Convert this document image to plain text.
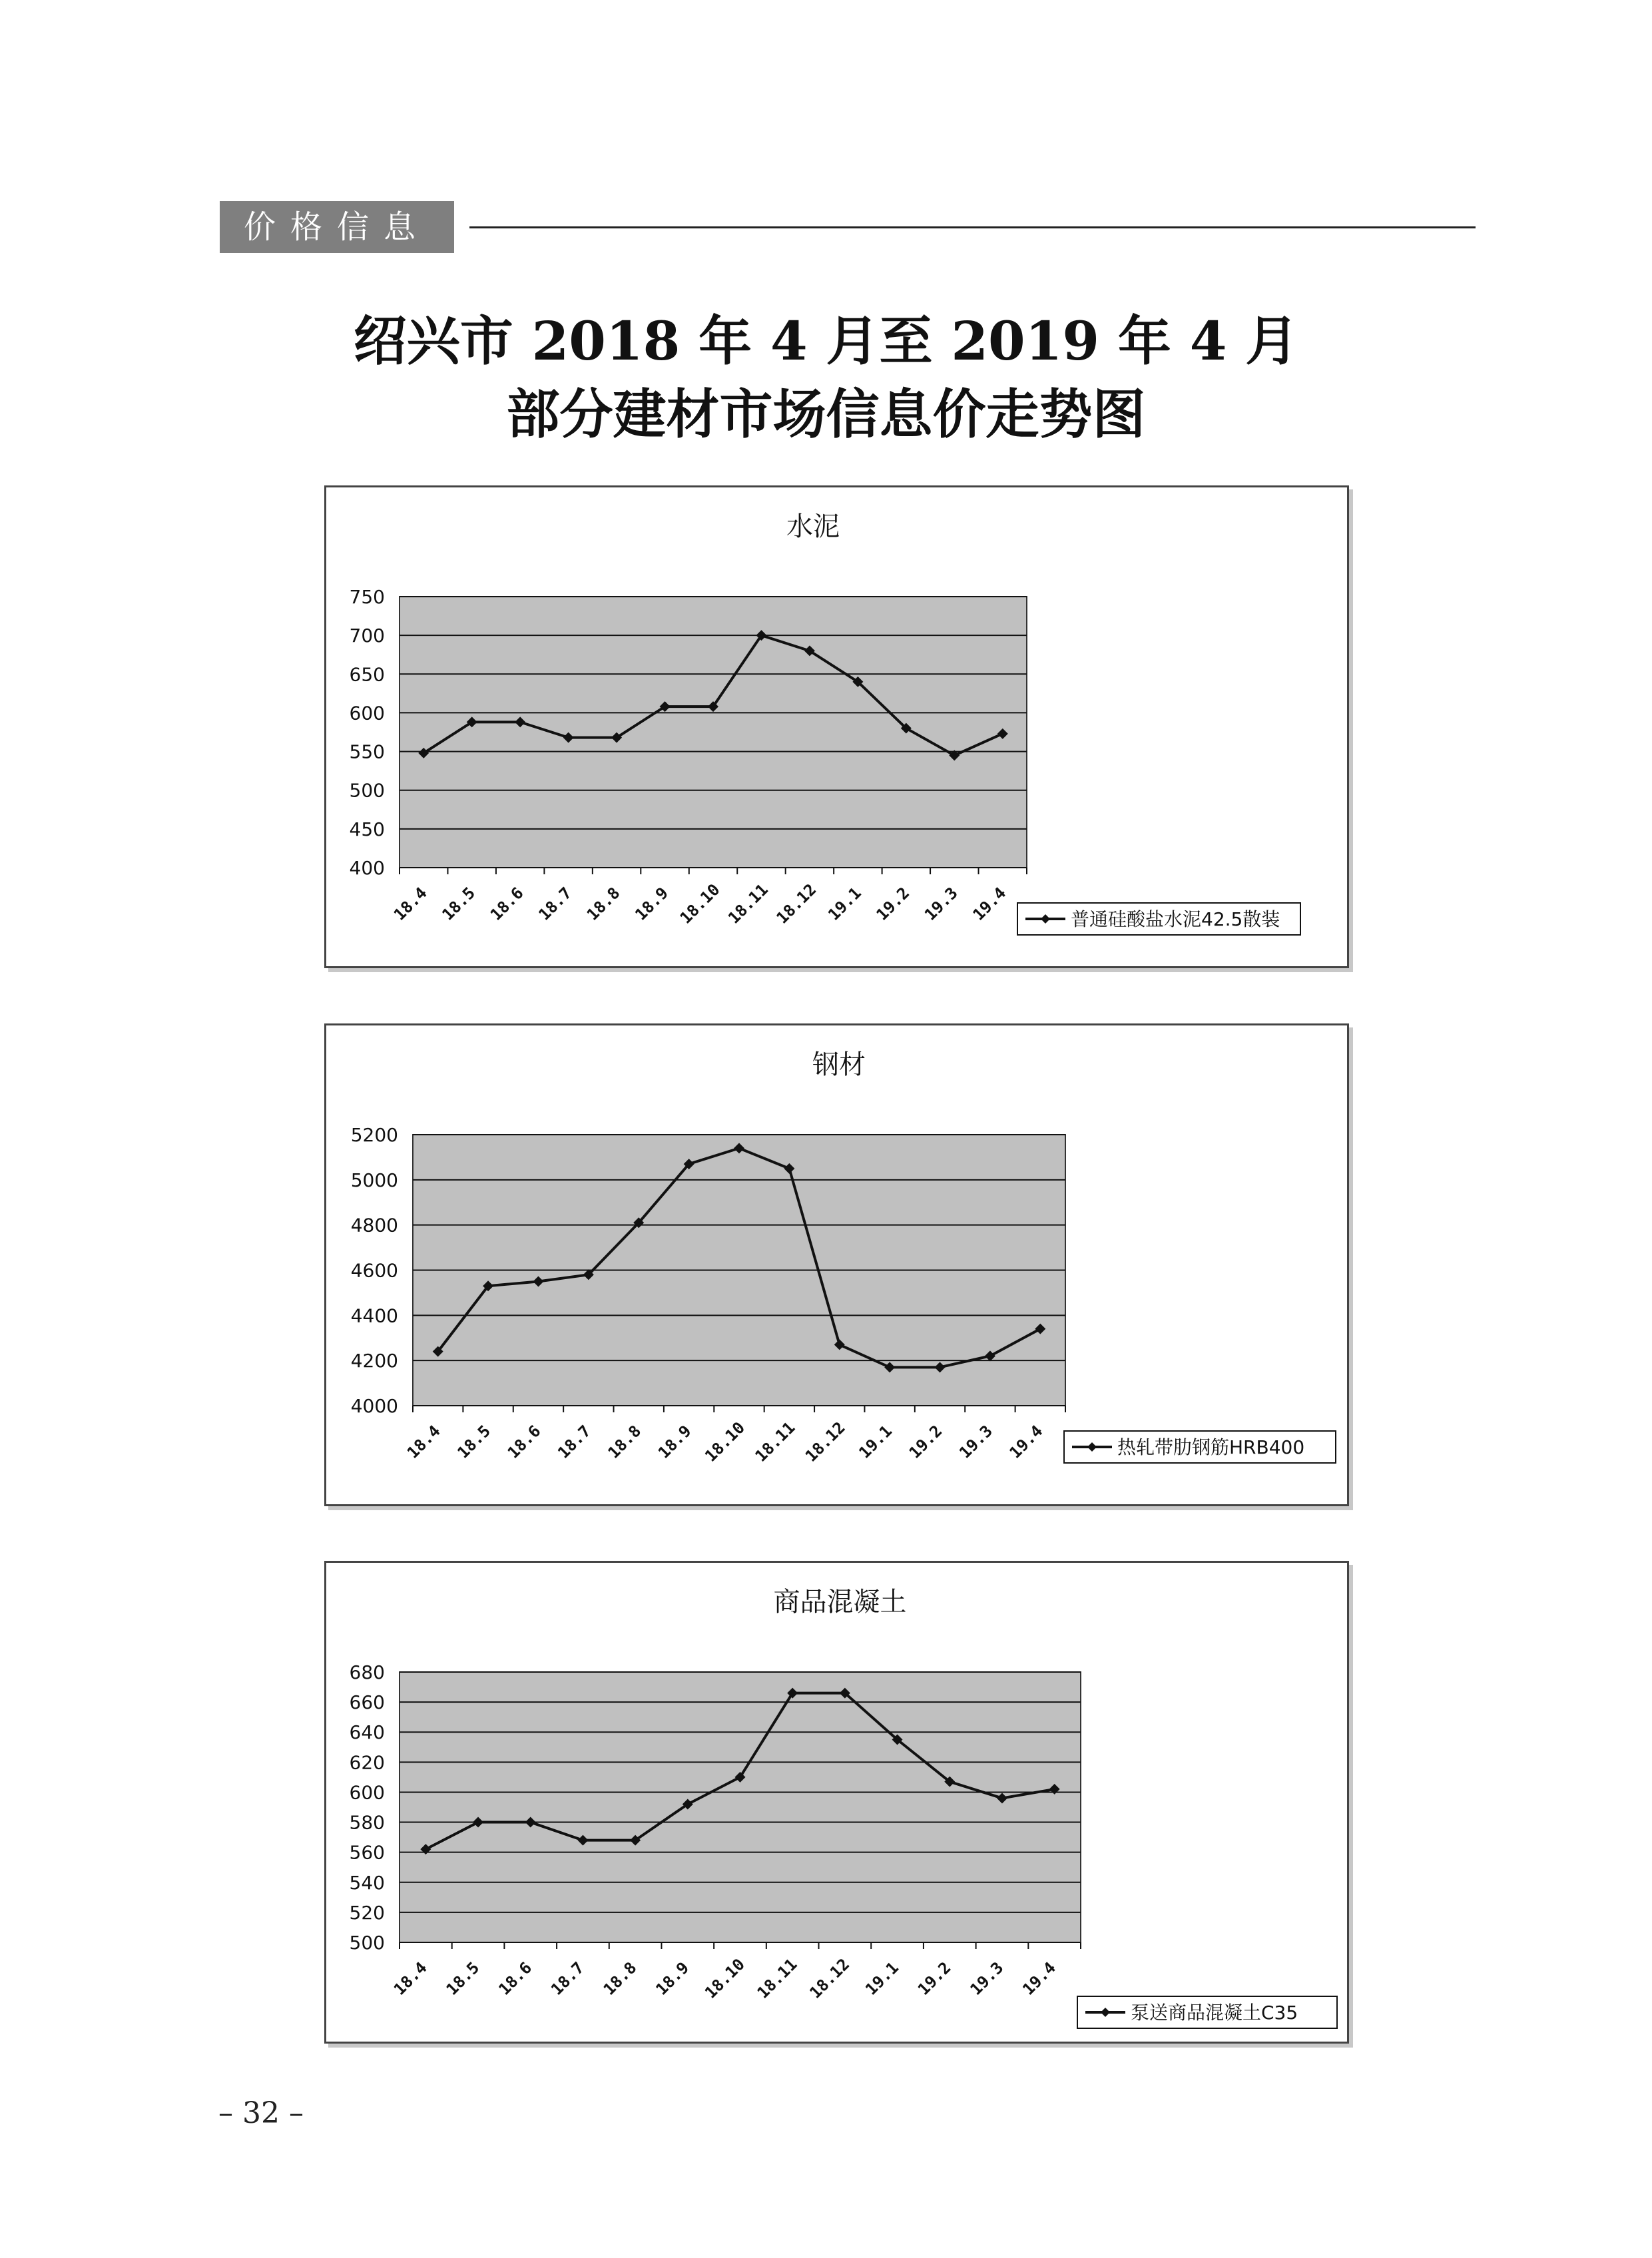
价格信息
绍兴市 2018 年 4 月至 2019 年 4 月
部分建材市场信息价走势图
水泥
400
450
500
550
600
650
700
750
18.4 18.5 18.6 18.7 18.8 18.9 18.10 18.11 18.12 19.1 19.2 19.3 19.4	普通硅酸盐水泥42.5散装
钢材
4000
4200
4400
4600
4800
5000
5200
18.4 18.5 18.6 18.7 18.8 18.9 18.10 18.11 18.12 19.1 19.2 19.3 19.4	热轧带肋钢筋HRB400
商品混凝土
500
520
540
560
580
600
620
640
660
680
18.4 18.5 18.6 18.7 18.8 18.9 18.10 18.11 18.12 19.1 19.2 19.3 19.4
泵送商品混凝土C35
– 32 –
